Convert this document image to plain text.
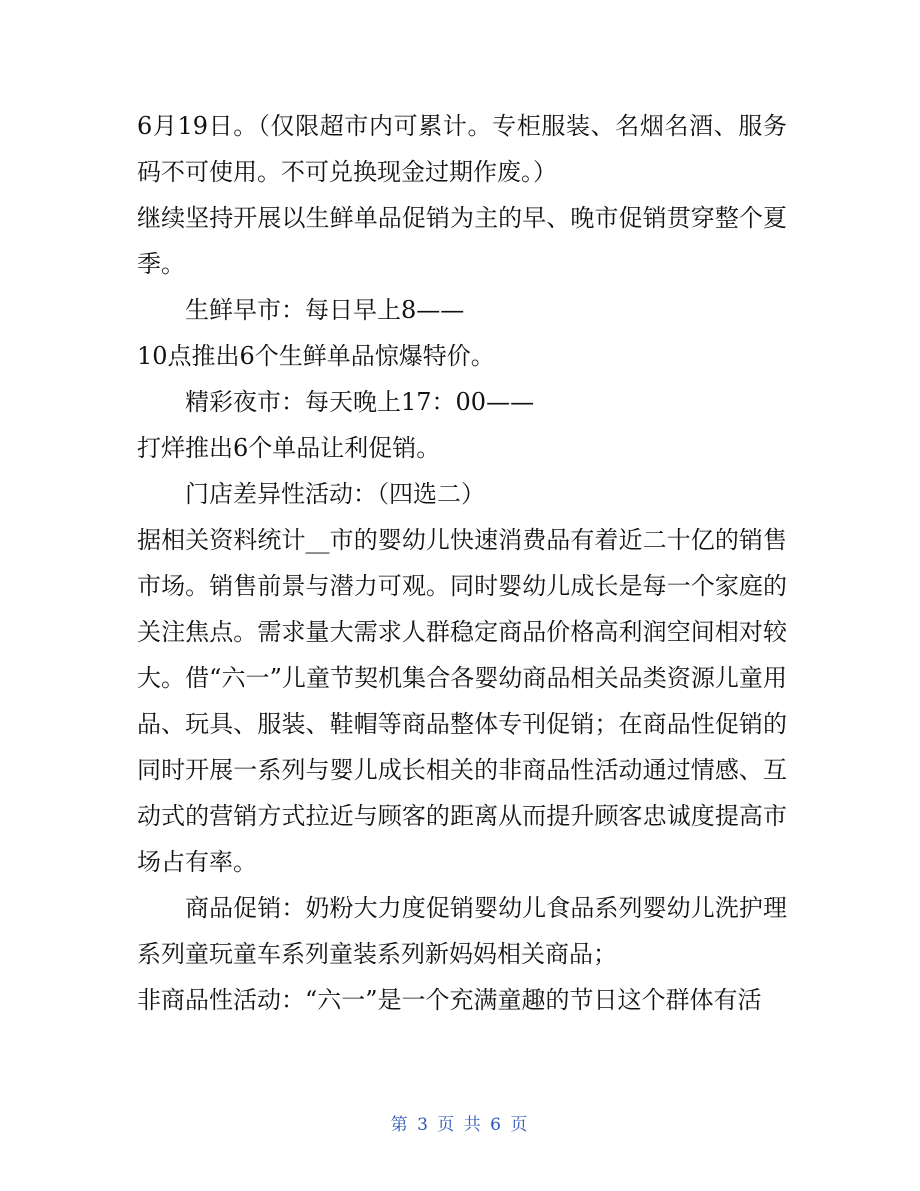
6月19日。（仅限超市内可累计。专柜服装、名烟名酒、服务码不可使用。不可兑换现金过期作废。）

继续坚持开展以生鲜单品促销为主的早、晚市促销贯穿整个夏季。

生鲜早市：每日早上8——

10点推出6个生鲜单品惊爆特价。

精彩夜市：每天晚上17：00——

打烊推出6个单品让利促销。

门店差异性活动：（四选二）

据相关资料统计__市的婴幼儿快速消费品有着近二十亿的销售市场。销售前景与潜力可观。同时婴幼儿成长是每一个家庭的关注焦点。需求量大需求人群稳定商品价格高利润空间相对较大。借“六一”儿童节契机集合各婴幼商品相关品类资源儿童用品、玩具、服装、鞋帽等商品整体专刊促销；在商品性促销的同时开展一系列与婴儿成长相关的非商品性活动通过情感、互动式的营销方式拉近与顾客的距离从而提升顾客忠诚度提高市场占有率。

商品促销：奶粉大力度促销婴幼儿食品系列婴幼儿洗护理系列童玩童车系列童装系列新妈妈相关商品；

非商品性活动：“六一”是一个充满童趣的节日这个群体有活

第 3 页 共 6 页
